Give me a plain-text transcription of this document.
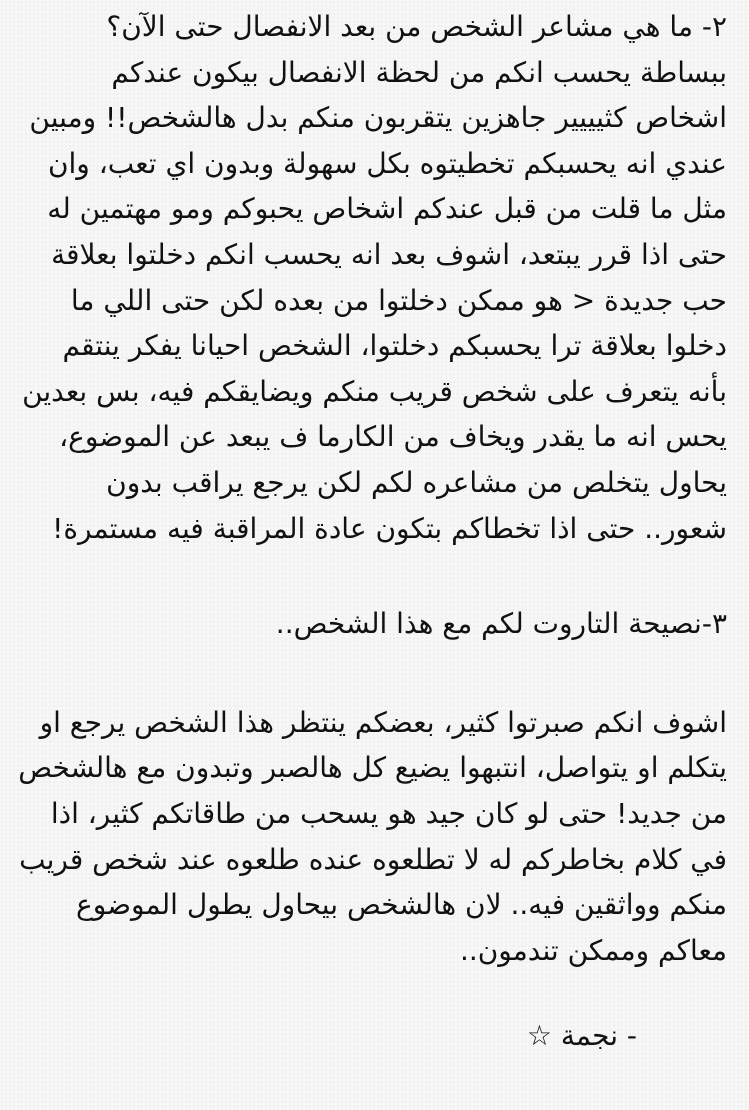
٢- ما هي مشاعر الشخص من بعد الانفصال حتى الآن؟ ببساطة يحسب انكم من لحظة الانفصال بيكون عندكم اشخاص كثيييير جاهزين يتقربون منكم بدل هالشخص!! ومبين عندي انه يحسبكم تخطيتوه بكل سهولة وبدون اي تعب، وان مثل ما قلت من قبل عندكم اشخاص يحبوكم ومو مهتمين له حتى اذا قرر يبتعد، اشوف بعد انه يحسب انكم دخلتوا بعلاقة حب جديدة < هو ممكن دخلتوا من بعده لكن حتى اللي ما دخلوا بعلاقة ترا يحسبكم دخلتوا، الشخص احيانا يفكر ينتقم بأنه يتعرف على شخص قريب منكم ويضايقكم فيه، بس بعدين يحس انه ما يقدر ويخاف من الكارما ف يبعد عن الموضوع، يحاول يتخلص من مشاعره لكم لكن يرجع يراقب بدون شعور.. حتى اذا تخطاكم بتكون عادة المراقبة فيه مستمرة!

٣-نصيحة التاروت لكم مع هذا الشخص..

اشوف انكم صبرتوا كثير، بعضكم ينتظر هذا الشخص يرجع او يتكلم او يتواصل، انتبهوا يضيع كل هالصبر وتبدون مع هالشخص من جديد! حتى لو كان جيد هو يسحب من طاقاتكم كثير، اذا في كلام بخاطركم له لا تطلعوه عنده طلعوه عند شخص قريب منكم وواثقين فيه.. لان هالشخص بيحاول يطول الموضوع معاكم وممكن تندمون..

- نجمة ☆
